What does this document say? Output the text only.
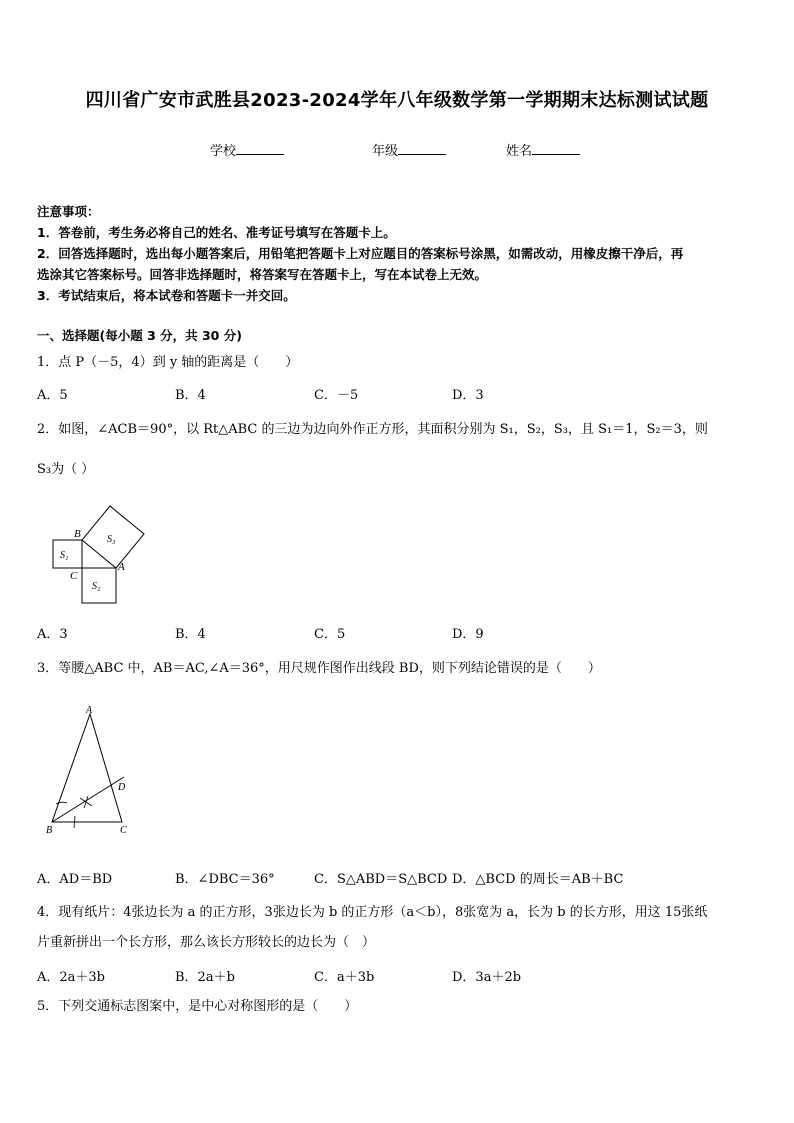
四川省广安市武胜县2023-2024学年八年级数学第一学期期末达标测试试题
学校	年级	姓名
注意事项：
1．答卷前，考生务必将自己的姓名、准考证号填写在答题卡上。
2．回答选择题时，选出每小题答案后，用铅笔把答题卡上对应题目的答案标号涂黑，如需改动，用橡皮擦干净后，再
选涂其它答案标号。回答非选择题时，将答案写在答题卡上，写在本试卷上无效。
3．考试结束后，将本试卷和答题卡一并交回。
一、选择题(每小题 3 分，共 30 分)
1．点 P（－5，4）到 y 轴的距离是（　　）
A．5	B．4	C．－5	D．3
2．如图，∠ACB＝90°，以 Rt△ABC 的三边为边向外作正方形，其面积分别为 S₁，S₂，S₃，且 S₁＝1，S₂＝3，则
S₃为（ ）
B
C
A
S₁
S₂
S₃
A．3	B．4	C．5	D．9
3．等腰△ABC 中，AB＝AC,∠A＝36°，用尺规作图作出线段 BD，则下列结论错误的是（　　）
A
B	C
D
A．AD＝BD	B．∠DBC＝36°	C．S△ABD＝S△BCD D．△BCD 的周长＝AB＋BC
4．现有纸片：4张边长为 a 的正方形，3张边长为 b 的正方形（a＜b），8张宽为 a，长为 b 的长方形，用这 15张纸
片重新拼出一个长方形，那么该长方形较长的边长为（　）
A．2a＋3b	B．2a＋b	C．a＋3b	D．3a＋2b
5．下列交通标志图案中，是中心对称图形的是（　　）
